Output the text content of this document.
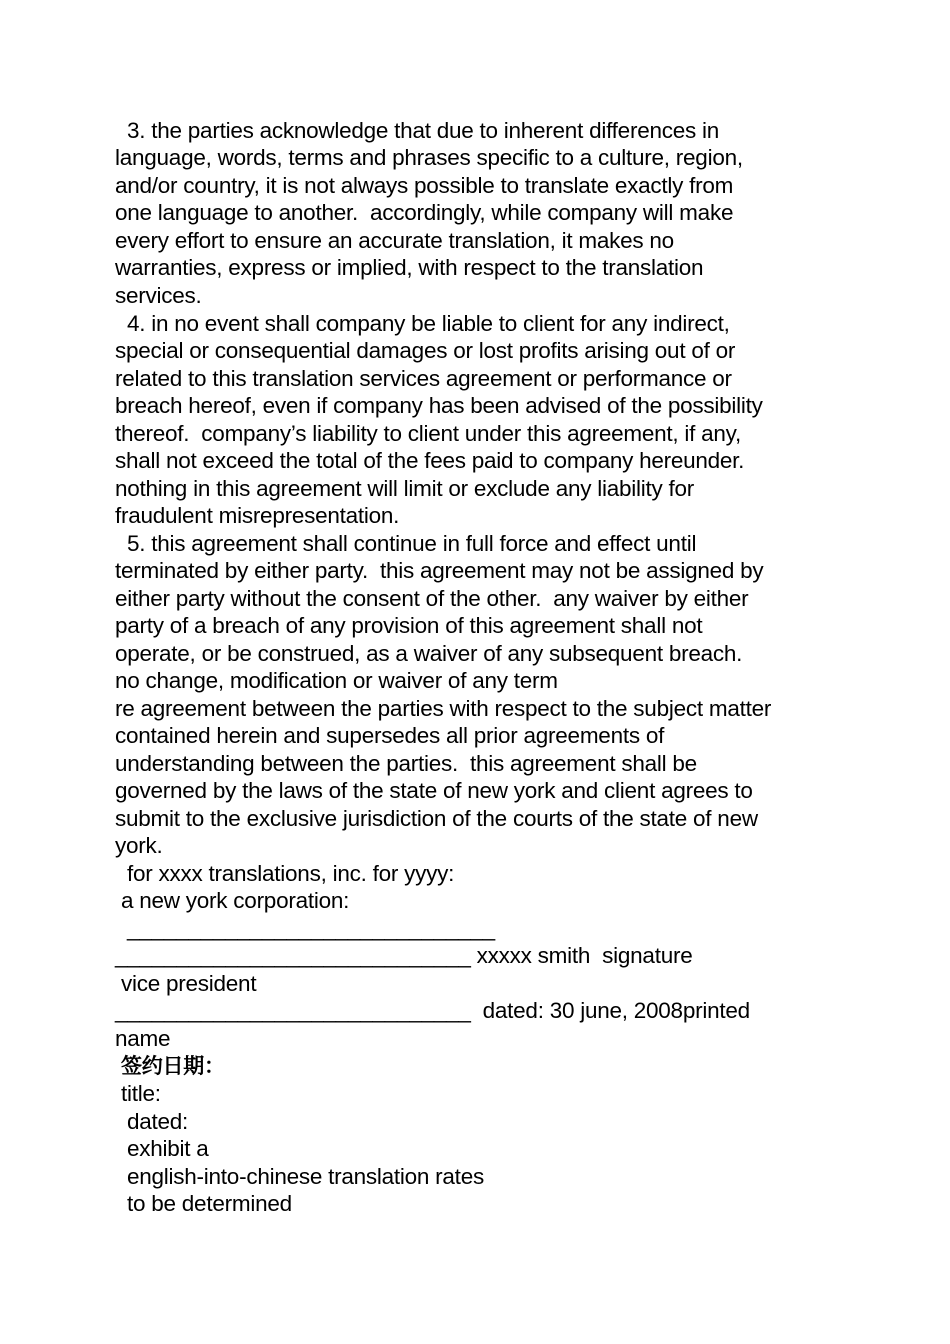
3. the parties acknowledge that due to inherent differences in
language, words, terms and phrases specific to a culture, region,
and/or country, it is not always possible to translate exactly from
one language to another.  accordingly, while company will make
every effort to ensure an accurate translation, it makes no
warranties, express or implied, with respect to the translation
services.
4. in no event shall company be liable to client for any indirect,
special or consequential damages or lost profits arising out of or
related to this translation services agreement or performance or
breach hereof, even if company has been advised of the possibility
thereof.  company’s liability to client under this agreement, if any,
shall not exceed the total of the fees paid to company hereunder.
nothing in this agreement will limit or exclude any liability for
fraudulent misrepresentation.
5. this agreement shall continue in full force and effect until
terminated by either party.  this agreement may not be assigned by
either party without the consent of the other.  any waiver by either
party of a breach of any provision of this agreement shall not
operate, or be construed, as a waiver of any subsequent breach.
no change, modification or waiver of any term
re agreement between the parties with respect to the subject matter
contained herein and supersedes all prior agreements of
understanding between the parties.  this agreement shall be
governed by the laws of the state of new york and client agrees to
submit to the exclusive jurisdiction of the courts of the state of new
york.
for xxxx translations, inc. for yyyy:
a new york corporation:
______________________________
_____________________________ xxxxx smith  signature
vice president
_____________________________  dated: 30 june, 2008printed
name
签约日期：
title:
dated:
exhibit a
english-into-chinese translation rates
to be determined
